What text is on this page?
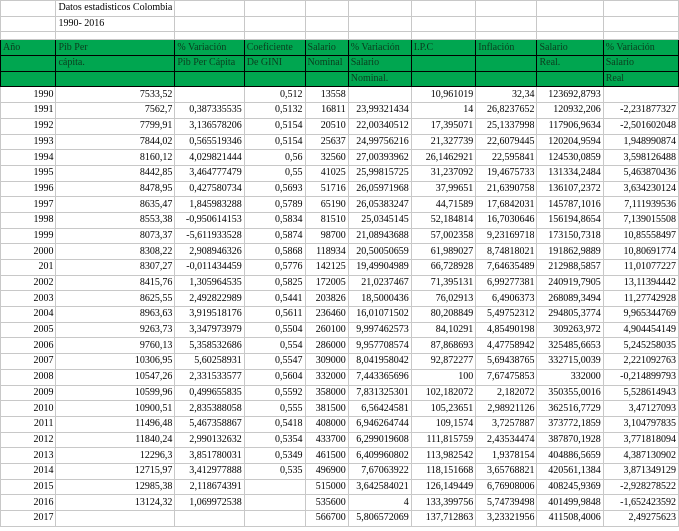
	Datos estadisticos Colombia								
	1990- 2016								

Año	Pib Per	% Variación	Coeficiente	Salario	% Variación	I.P.C	Inflación	Salario	% Variación
	cápita.	Pib Per Cápita	De GINI	Nominal	Salario			Real.	Salario
					Nominal.				Real
1990	7533,52		0,512	13558		10,961019	32,34	123692,8793	
1991	7562,7	0,387335535	0,5132	16811	23,99321434	14	26,8237652	120932,206	-2,231877327
1992	7799,91	3,136578206	0,5154	20510	22,00340512	17,395071	25,1337998	117906,9634	-2,501602048
1993	7844,02	0,565519346	0,5154	25637	24,99756216	21,327739	22,6079445	120204,9594	1,948990874
1994	8160,12	4,029821444	0,56	32560	27,00393962	26,1462921	22,595841	124530,0859	3,598126488
1995	8442,85	3,464777479	0,55	41025	25,99815725	31,237092	19,4675733	131334,2484	5,463870436
1996	8478,95	0,427580734	0,5693	51716	26,05971968	37,99651	21,6390758	136107,2372	3,634230124
1997	8635,47	1,845983288	0,5789	65190	26,05383247	44,71589	17,6842031	145787,1016	7,111939536
1998	8553,38	-0,950614153	0,5834	81510	25,0345145	52,184814	16,7030646	156194,8654	7,139015508
1999	8073,37	-5,611933528	0,5874	98700	21,08943688	57,002358	9,23169718	173150,7318	10,85558497
2000	8308,22	2,908946326	0,5868	118934	20,50050659	61,989027	8,74818021	191862,9889	10,80691774
201	8307,27	-0,011434459	0,5776	142125	19,49904989	66,728928	7,64635489	212988,5857	11,01077227
2002	8415,76	1,305964535	0,5825	172005	21,0237467	71,395131	6,99277381	240919,7905	13,11394442
2003	8625,55	2,492822989	0,5441	203826	18,5000436	76,02913	6,4906373	268089,3494	11,27742928
2004	8963,63	3,919518176	0,5611	236460	16,01071502	80,208849	5,49752312	294805,3774	9,965344769
2005	9263,73	3,347973979	0,5504	260100	9,997462573	84,10291	4,85490198	309263,972	4,904454149
2006	9760,13	5,358532686	0,554	286000	9,957708574	87,868693	4,47758942	325485,6653	5,245258035
2007	10306,95	5,60258931	0,5547	309000	8,041958042	92,872277	5,69438765	332715,0039	2,221092763
2008	10547,26	2,331533577	0,5604	332000	7,443365696	100	7,67475853	332000	-0,214899793
2009	10599,96	0,499655835	0,5592	358000	7,831325301	102,182072	2,182072	350355,0016	5,528614943
2010	10900,51	2,835388058	0,555	381500	6,56424581	105,23651	2,98921126	362516,7729	3,47127093
2011	11496,48	5,467358867	0,5418	408000	6,946264744	109,1574	3,7257887	373772,1859	3,104797835
2012	11840,24	2,990132632	0,5354	433700	6,299019608	111,815759	2,43534474	387870,1928	3,771818094
2013	12296,3	3,851780031	0,5349	461500	6,409960802	113,982542	1,9378154	404886,5659	4,387130902
2014	12715,97	3,412977888	0,535	496900	7,67063922	118,151668	3,65768821	420561,1384	3,871349129
2015	12985,38	2,118674391		515000	3,642584021	126,149449	6,76908006	408245,9369	-2,928278522
2016	13124,32	1,069972538		535600	4	133,399756	5,74739498	401499,9848	-1,652423592
2017				566700	5,806572069	137,712863	3,23321956	411508,4006	2,49275623
